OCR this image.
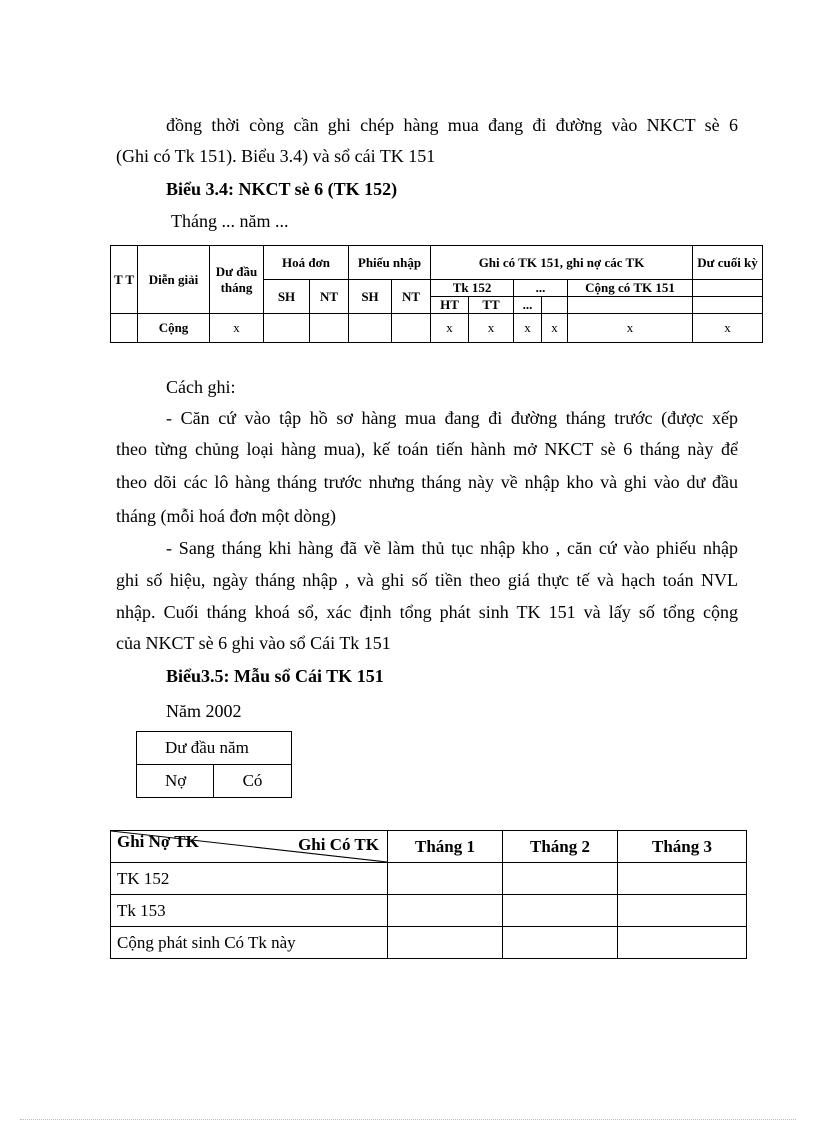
đồng thời còng cần ghi chép hàng mua đang đi đường vào NKCT sè 6
(Ghi có Tk 151). Biểu 3.4) và sổ cái TK 151
Biểu 3.4: NKCT sè 6 (TK 152)
Tháng ... năm ...
T T	Diễn giải	Dư đầu tháng	Hoá đơn		Phiếu nhập		Ghi có TK 151, ghi nợ các TK					Dư cuối kỳ
			SH	NT	SH	NT	Tk 152		...		Cộng có TK 151	
							HT	TT	...			
	Cộng	x					x	x	x	x	x	x
Cách ghi:
- Căn cứ vào tập hồ sơ hàng mua đang đi đường tháng trước (được xếp
theo từng chủng loại hàng mua), kế toán tiến hành mở NKCT sè 6 tháng này để
theo dõi các lô hàng tháng trước nhưng tháng này về nhập kho và ghi vào dư đầu
tháng (mỗi hoá đơn một dòng)
- Sang tháng khi hàng đã về làm thủ tục nhập kho , căn cứ vào phiếu nhập
ghi số hiệu, ngày tháng nhập , và ghi số tiền theo giá thực tế và hạch toán NVL
nhập. Cuối tháng khoá sổ, xác định tổng phát sinh TK 151 và lấy số tổng cộng
của NKCT sè 6 ghi vào sổ Cái Tk 151
Biểu3.5: Mẫu sổ Cái TK 151
Năm 2002
Dư đầu năm
Nợ	Có
Ghi Có TK
Ghi Nợ TK	Tháng 1	Tháng 2	Tháng 3
TK 152			
Tk 153			
Cộng phát sinh Có Tk này			
